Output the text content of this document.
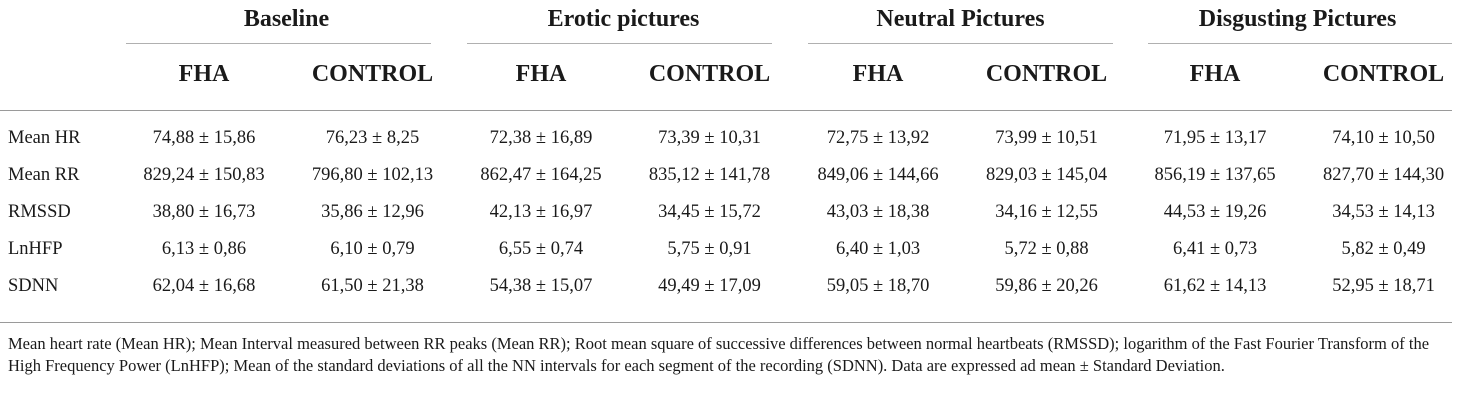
	Baseline		Erotic pictures		Neutral Pictures		Disgusting Pictures	

	FHA	CONTROL	FHA	CONTROL	FHA	CONTROL	FHA	CONTROL
Mean HR	74,88 ± 15,86	76,23 ± 8,25	72,38 ± 16,89	73,39 ± 10,31	72,75 ± 13,92	73,99 ± 10,51	71,95 ± 13,17	74,10 ± 10,50
Mean RR	829,24 ± 150,83	796,80 ± 102,13	862,47 ± 164,25	835,12 ± 141,78	849,06 ± 144,66	829,03 ± 145,04	856,19 ± 137,65	827,70 ± 144,30
RMSSD	38,80 ± 16,73	35,86 ± 12,96	42,13 ± 16,97	34,45 ± 15,72	43,03 ± 18,38	34,16 ± 12,55	44,53 ± 19,26	34,53 ± 14,13
LnHFP	6,13 ± 0,86	6,10 ± 0,79	6,55 ± 0,74	5,75 ± 0,91	6,40 ± 1,03	5,72 ± 0,88	6,41 ± 0,73	5,82 ± 0,49
SDNN	62,04 ± 16,68	61,50 ± 21,38	54,38 ± 15,07	49,49 ± 17,09	59,05 ± 18,70	59,86 ± 20,26	61,62 ± 14,13	52,95 ± 18,71
Mean heart rate (Mean HR); Mean Interval measured between RR peaks (Mean RR); Root mean square of successive differences between normal heartbeats (RMSSD); logarithm of the Fast Fourier Transform of the High Frequency Power (LnHFP); Mean of the standard deviations of all the NN intervals for each segment of the recording (SDNN). Data are expressed ad mean ± Standard Deviation.
